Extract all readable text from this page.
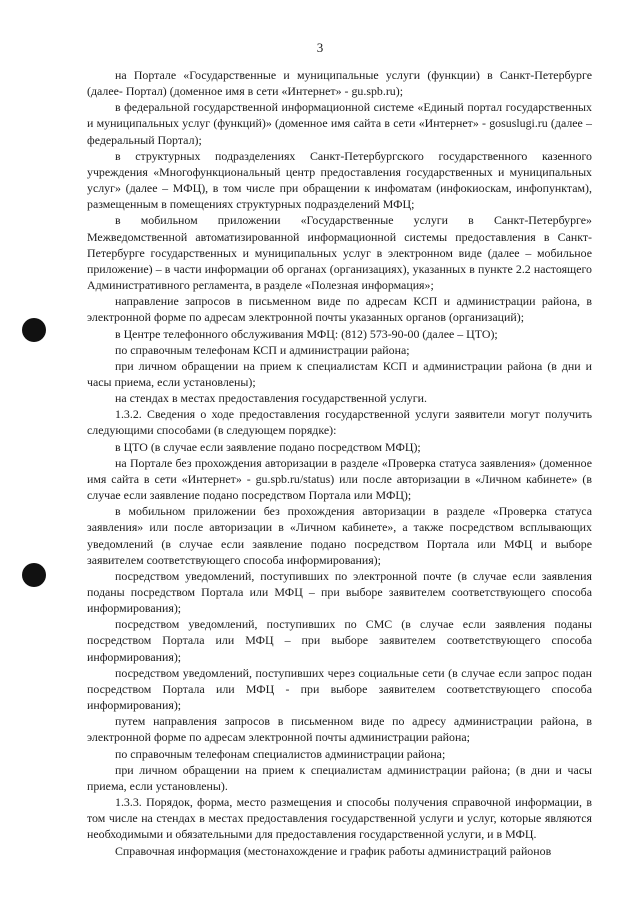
3

на Портале «Государственные и муниципальные услуги (функции) в Санкт-Петербурге (далее- Портал) (доменное имя в сети «Интернет» - gu.spb.ru);

в федеральной государственной информационной системе «Единый портал государственных и муниципальных услуг (функций)» (доменное имя сайта в сети «Интернет» - gosuslugi.ru (далее – федеральный Портал);

в структурных подразделениях Санкт-Петербургского государственного казенного учреждения «Многофункциональный центр предоставления государственных и муниципальных услуг» (далее – МФЦ), в том числе при обращении к инфоматам (инфокиоскам, инфопунктам), размещенным в помещениях структурных подразделений МФЦ;

в мобильном приложении «Государственные услуги в Санкт-Петербурге» Межведомственной автоматизированной информационной системы предоставления в Санкт-Петербурге государственных и муниципальных услуг в электронном виде (далее – мобильное приложение) – в части информации об органах (организациях), указанных в пункте 2.2 настоящего Административного регламента, в разделе «Полезная информация»;

направление запросов в письменном виде по адресам КСП и администрации района, в электронной форме по адресам электронной почты указанных органов (организаций);

в Центре телефонного обслуживания МФЦ: (812) 573-90-00 (далее – ЦТО);

по справочным телефонам КСП и администрации района;

при личном обращении на прием к специалистам КСП и администрации района (в дни и часы приема, если установлены);

на стендах в местах предоставления государственной услуги.

1.3.2. Сведения о ходе предоставления государственной услуги заявители могут получить следующими способами (в следующем порядке):

в ЦТО (в случае если заявление подано посредством МФЦ);

на Портале без прохождения авторизации в разделе «Проверка статуса заявления» (доменное имя сайта в сети «Интернет» - gu.spb.ru/status) или после авторизации в «Личном кабинете» (в случае если заявление подано посредством Портала или МФЦ);

в мобильном приложении без прохождения авторизации в разделе «Проверка статуса заявления» или после авторизации в «Личном кабинете», а также посредством всплывающих уведомлений (в случае если заявление подано посредством Портала или МФЦ и выборе заявителем соответствующего способа информирования);

посредством уведомлений, поступивших по электронной почте (в случае если заявления поданы посредством Портала или МФЦ – при выборе заявителем соответствующего способа информирования);

посредством уведомлений, поступивших по СМС (в случае если заявления поданы посредством Портала или МФЦ – при выборе заявителем соответствующего способа информирования);

посредством уведомлений, поступивших через социальные сети (в случае если запрос подан посредством Портала или МФЦ - при выборе заявителем соответствующего способа информирования);

путем направления запросов в письменном виде по адресу администрации района, в электронной форме по адресам электронной почты администрации района;

по справочным телефонам специалистов администрации района;

при личном обращении на прием к специалистам администрации района; (в дни и часы приема, если установлены).

1.3.3. Порядок, форма, место размещения и способы получения справочной информации, в том числе на стендах в местах предоставления государственной услуги и услуг, которые являются необходимыми и обязательными для предоставления государственной услуги, и в МФЦ.

Справочная информация (местонахождение и график работы администраций районов
